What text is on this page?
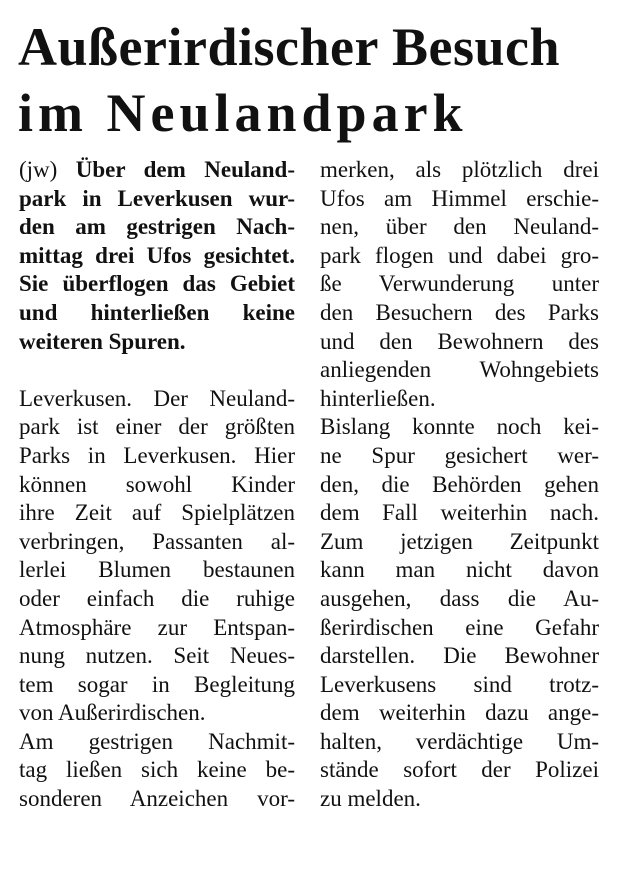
Außerirdischer Besuch
im Neulandpark

(jw) Über dem Neuland-
park in Leverkusen wur-
den am gestrigen Nach-
mittag drei Ufos gesichtet.
Sie überflogen das Gebiet
und hinterließen keine
weiteren Spuren.

Leverkusen. Der Neuland-
park ist einer der größten
Parks in Leverkusen. Hier
können sowohl Kinder
ihre Zeit auf Spielplätzen
verbringen, Passanten al-
lerlei Blumen bestaunen
oder einfach die ruhige
Atmosphäre zur Entspan-
nung nutzen. Seit Neues-
tem sogar in Begleitung
von Außerirdischen.

Am gestrigen Nachmit-
tag ließen sich keine be-
sonderen Anzeichen vor-

merken, als plötzlich drei
Ufos am Himmel erschie-
nen, über den Neuland-
park flogen und dabei gro-
ße Verwunderung unter
den Besuchern des Parks
und den Bewohnern des
anliegenden Wohngebiets
hinterließen.

Bislang konnte noch kei-
ne Spur gesichert wer-
den, die Behörden gehen
dem Fall weiterhin nach.
Zum jetzigen Zeitpunkt
kann man nicht davon
ausgehen, dass die Au-
ßerirdischen eine Gefahr
darstellen. Die Bewohner
Leverkusens sind trotz-
dem weiterhin dazu ange-
halten, verdächtige Um-
stände sofort der Polizei
zu melden.
